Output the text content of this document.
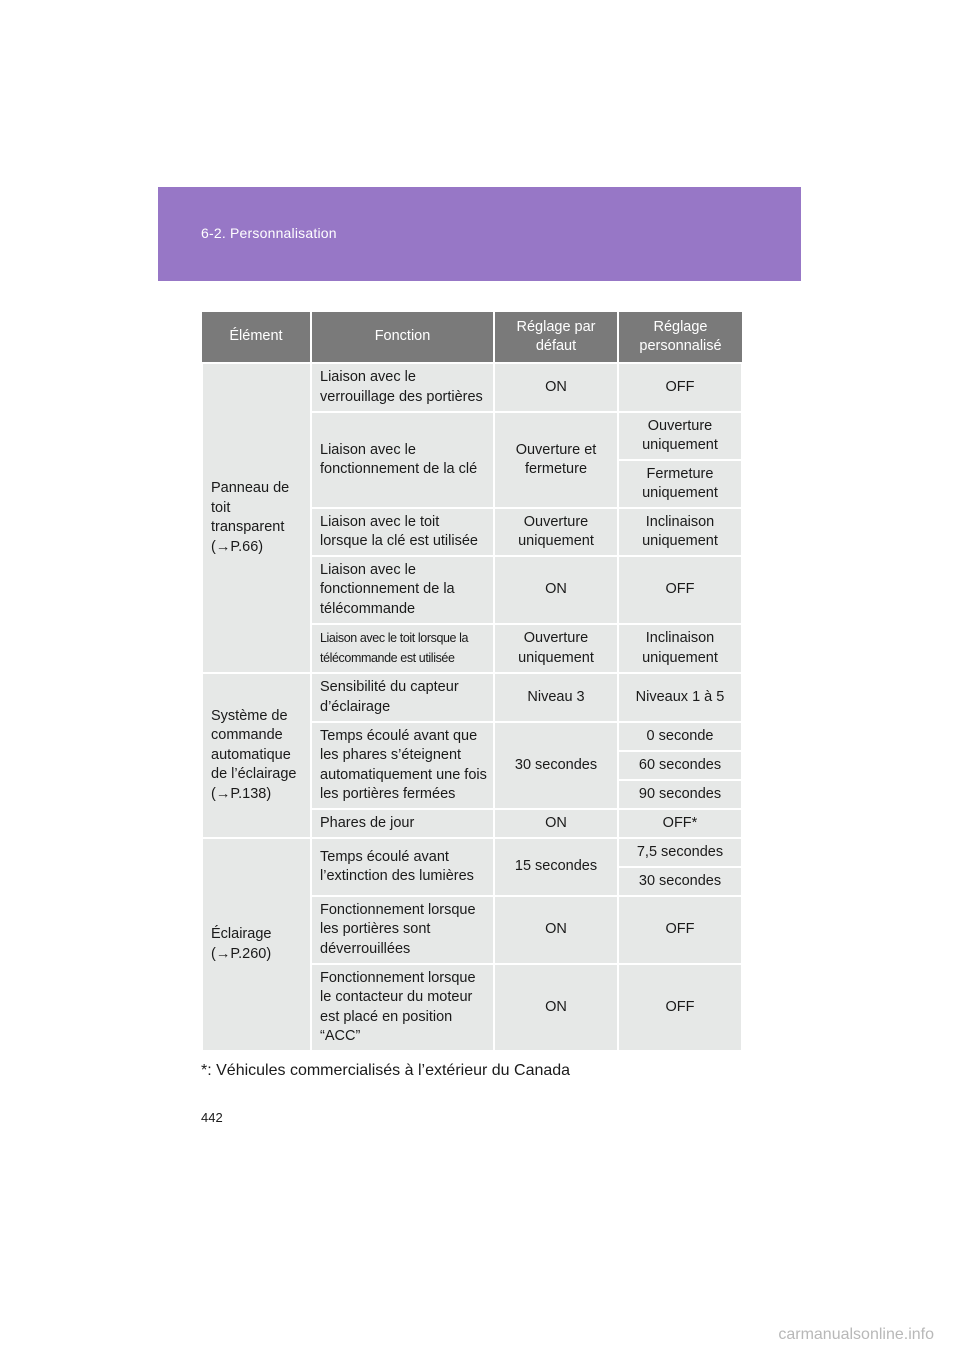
6-2. Personnalisation
Élément	Fonction	Réglage par défaut	Réglage personnalisé
Panneau de toit transparent (→P.66)	Liaison avec le verrouillage des portières	ON	OFF
	Liaison avec le fonctionnement de la clé	Ouverture et fermeture	Ouverture uniquement
			Fermeture uniquement
	Liaison avec le toit lorsque la clé est utilisée	Ouverture uniquement	Inclinaison uniquement
	Liaison avec le fonctionnement de la télécommande	ON	OFF
	Liaison avec le toit lorsque la télécommande est utilisée	Ouverture uniquement	Inclinaison uniquement
Système de commande automatique de l’éclairage (→P.138)	Sensibilité du capteur d’éclairage	Niveau 3	Niveaux 1 à 5
	Temps écoulé avant que les phares s’éteignent automatiquement une fois les portières fermées	30 secondes	0 seconde
			60 secondes
			90 secondes
	Phares de jour	ON	OFF*
Éclairage (→P.260)	Temps écoulé avant l’extinction des lumières	15 secondes	7,5 secondes
			30 secondes
	Fonctionnement lorsque les portières sont déverrouillées	ON	OFF
	Fonctionnement lorsque le contacteur du moteur est placé en position “ACC”	ON	OFF
*: Véhicules commercialisés à l’extérieur du Canada
442
carmanualsonline.info
